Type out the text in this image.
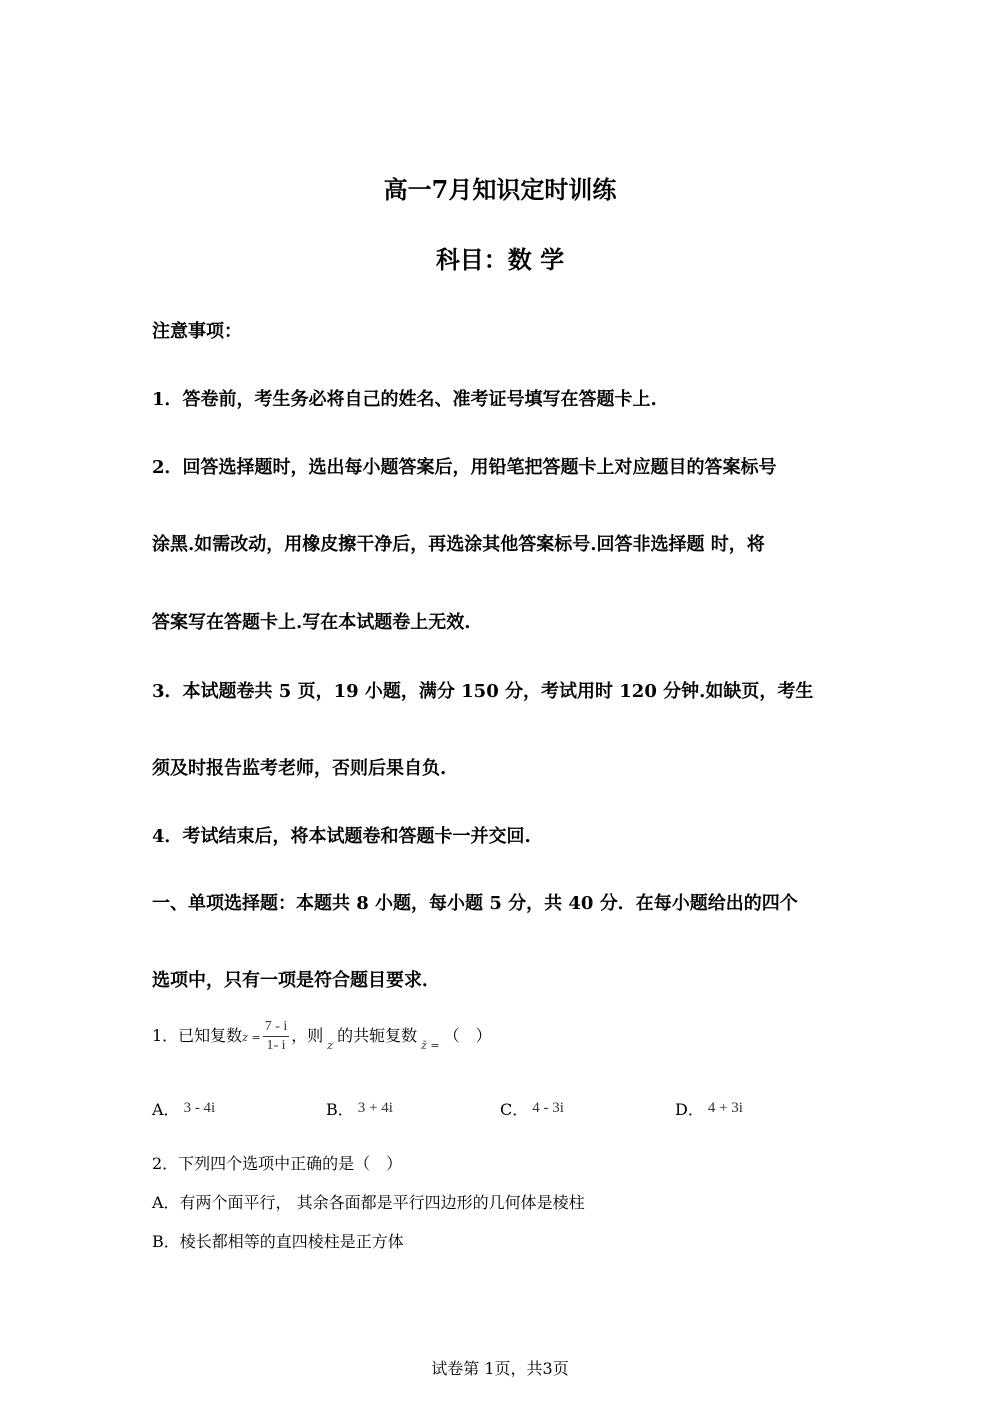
高一7月知识定时训练
科目：数 学
注意事项：
1．答卷前，考生务必将自己的姓名、准考证号填写在答题卡上.
2．回答选择题时，选出每小题答案后，用铅笔把答题卡上对应题目的答案标号
涂黑.如需改动，用橡皮擦干净后，再选涂其他答案标号.回答非选择题 时，将
答案写在答题卡上.写在本试题卷上无效.
3．本试题卷共 5 页，19 小题，满分 150 分，考试用时 120 分钟.如缺页，考生
须及时报告监考老师，否则后果自负.
4．考试结束后，将本试题卷和答题卡一并交回.
一、单项选择题：本题共 8 小题，每小题 5 分，共 40 分．在每小题给出的四个
选项中，只有一项是符合题目要求．
1．已知复数$z = \frac{7 - i}{1- i}$ ，则$_z$的共轭复数$_{z̄ =}$（　）
A． 3 - 4i	B． 3 + 4i	C． 4 - 3i	D． 4 + 3i
2．下列四个选项中正确的是（　）
A．有两个面平行， 其余各面都是平行四边形的几何体是棱柱
B．棱长都相等的直四棱柱是正方体
试卷第 1页，共3页
